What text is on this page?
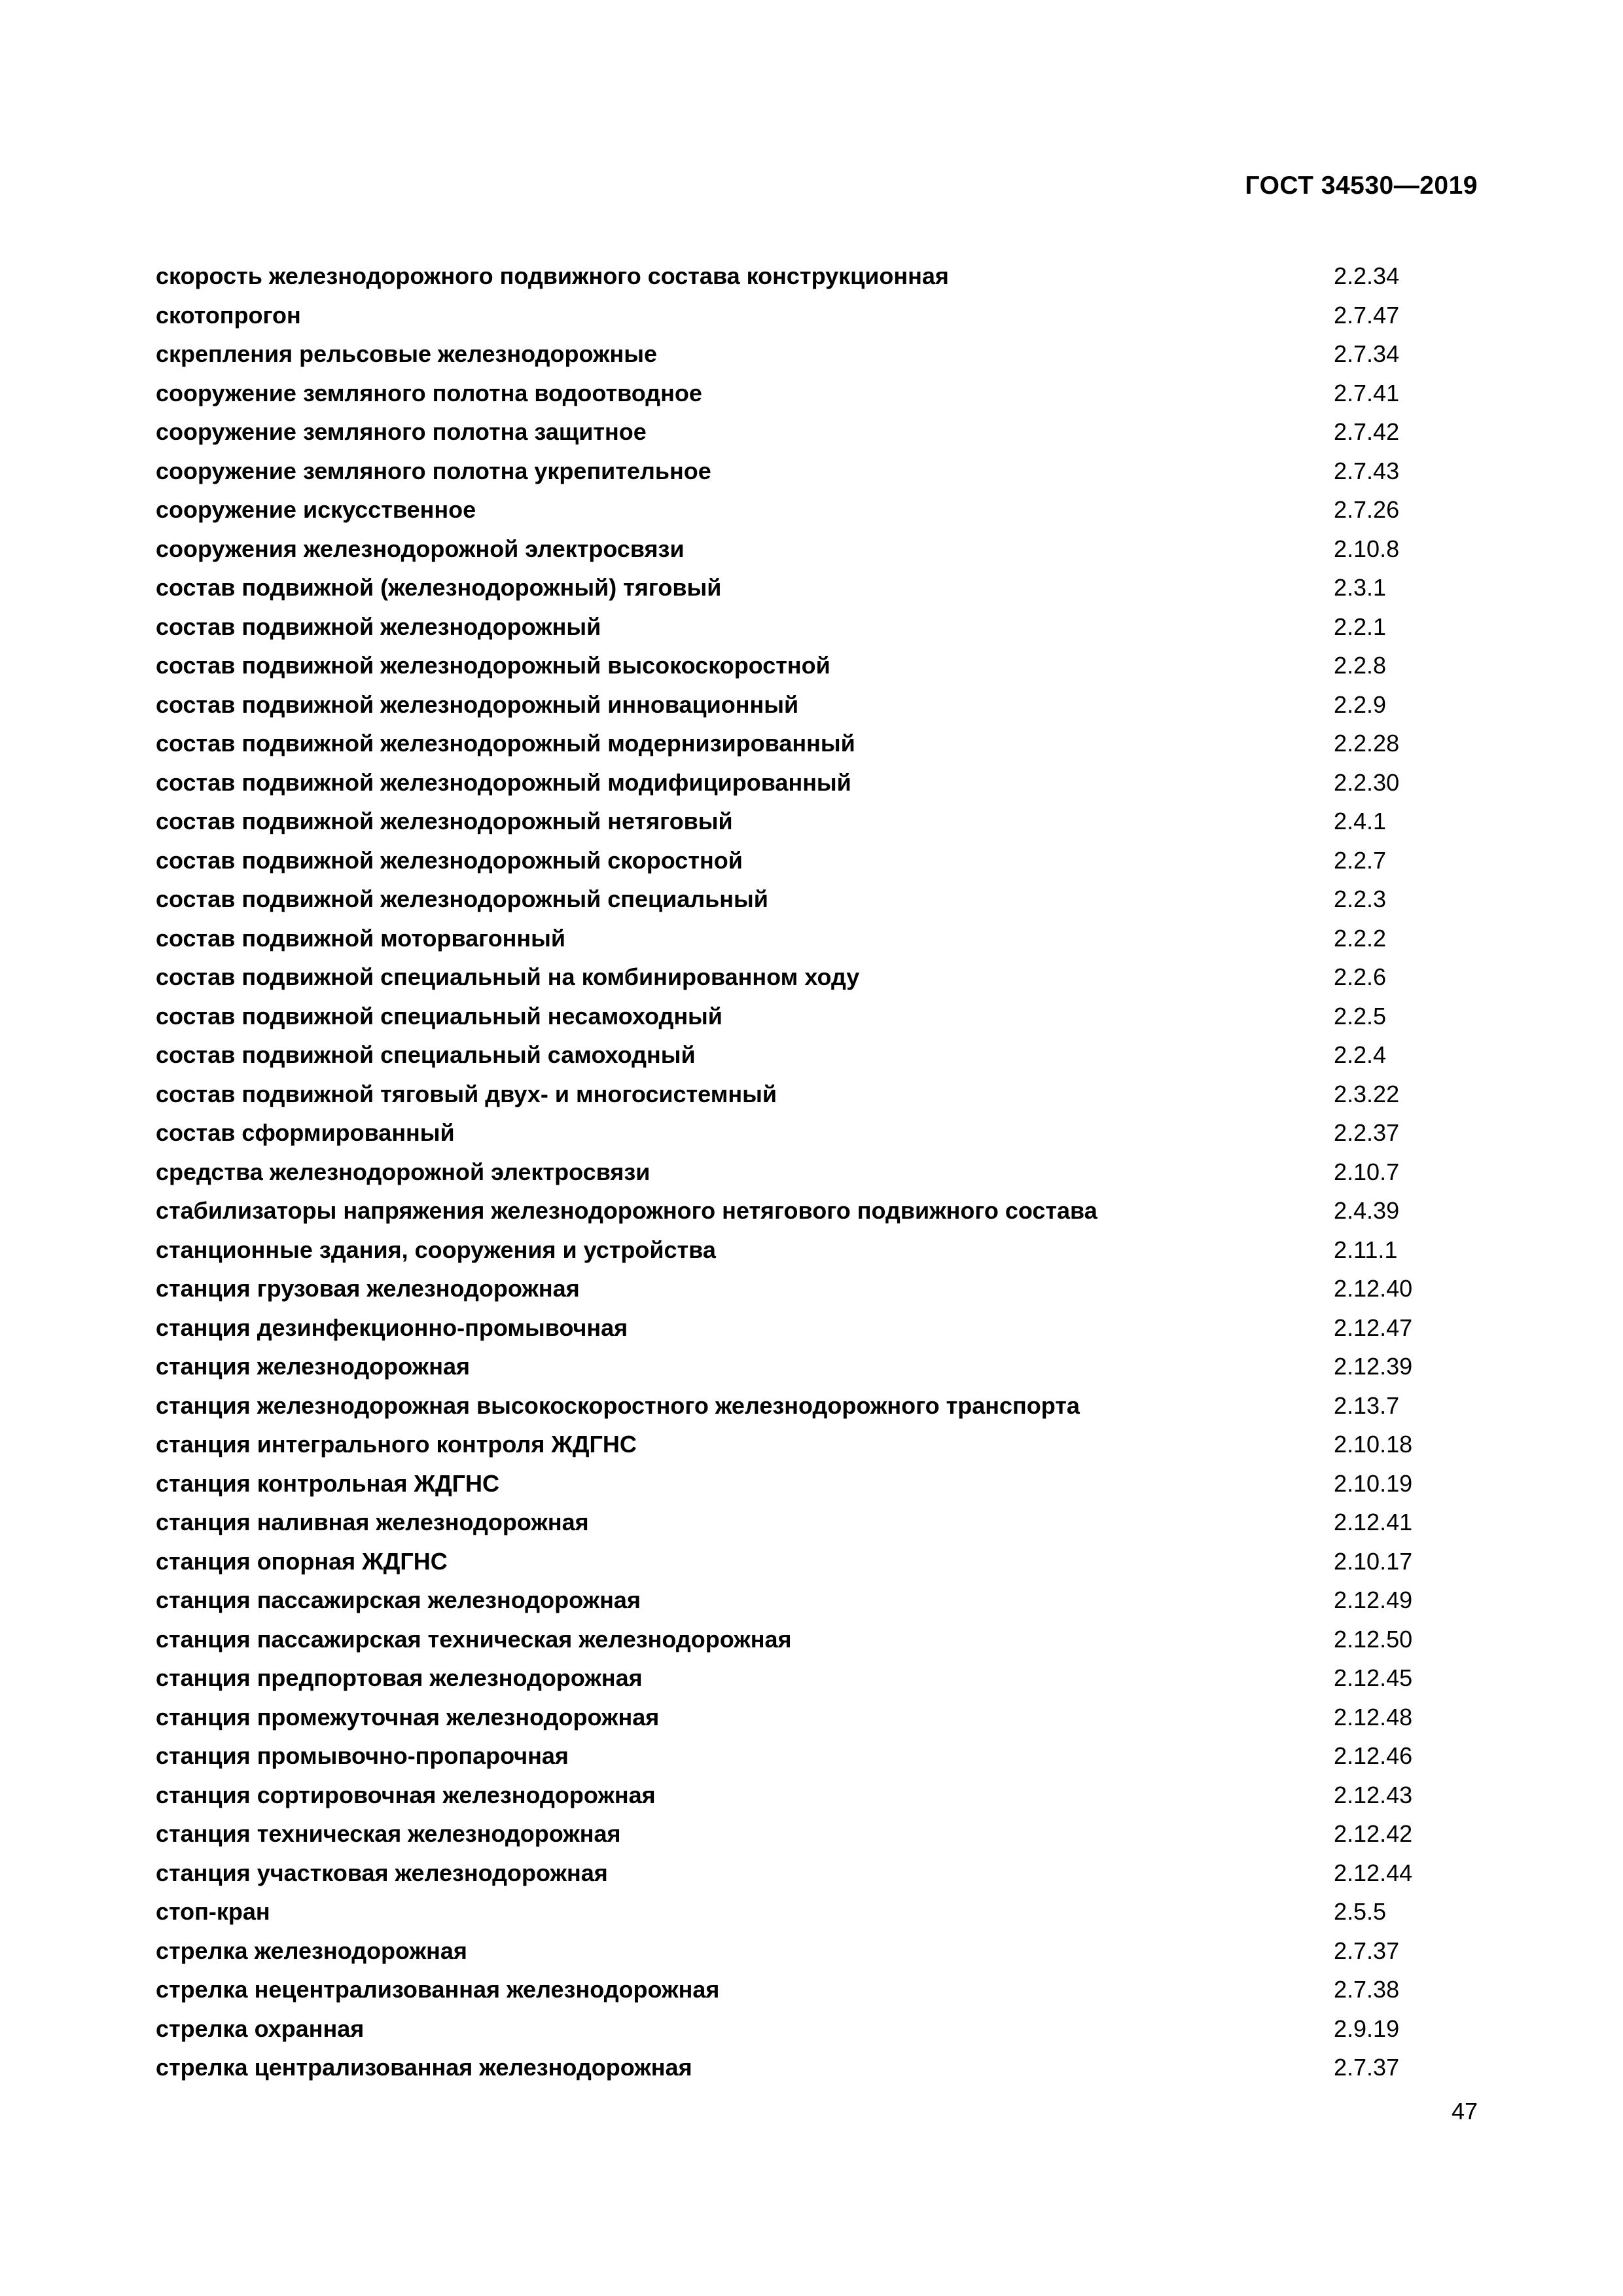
ГОСТ 34530—2019
скорость железнодорожного подвижного состава конструкционная	2.2.34
скотопрогон	2.7.47
скрепления рельсовые железнодорожные	2.7.34
сооружение земляного полотна водоотводное	2.7.41
сооружение земляного полотна защитное	2.7.42
сооружение земляного полотна укрепительное	2.7.43
сооружение искусственное	2.7.26
сооружения железнодорожной электросвязи	2.10.8
состав подвижной (железнодорожный) тяговый	2.3.1
состав подвижной железнодорожный	2.2.1
состав подвижной железнодорожный высокоскоростной	2.2.8
состав подвижной железнодорожный инновационный	2.2.9
состав подвижной железнодорожный модернизированный	2.2.28
состав подвижной железнодорожный модифицированный	2.2.30
состав подвижной железнодорожный нетяговый	2.4.1
состав подвижной железнодорожный скоростной	2.2.7
состав подвижной железнодорожный специальный	2.2.3
состав подвижной моторвагонный	2.2.2
состав подвижной специальный на комбинированном ходу	2.2.6
состав подвижной специальный несамоходный	2.2.5
состав подвижной специальный самоходный	2.2.4
состав подвижной тяговый двух- и многосистемный	2.3.22
состав сформированный	2.2.37
средства железнодорожной электросвязи	2.10.7
стабилизаторы напряжения железнодорожного нетягового подвижного состава	2.4.39
станционные здания, сооружения и устройства	2.11.1
станция грузовая железнодорожная	2.12.40
станция дезинфекционно-промывочная	2.12.47
станция железнодорожная	2.12.39
станция железнодорожная высокоскоростного железнодорожного транспорта	2.13.7
станция интегрального контроля ЖДГНС	2.10.18
станция контрольная ЖДГНС	2.10.19
станция наливная железнодорожная	2.12.41
станция опорная ЖДГНС	2.10.17
станция пассажирская железнодорожная	2.12.49
станция пассажирская техническая железнодорожная	2.12.50
станция предпортовая железнодорожная	2.12.45
станция промежуточная железнодорожная	2.12.48
станция промывочно-пропарочная	2.12.46
станция сортировочная железнодорожная	2.12.43
станция техническая железнодорожная	2.12.42
станция участковая железнодорожная	2.12.44
стоп-кран	2.5.5
стрелка железнодорожная	2.7.37
стрелка нецентрализованная железнодорожная	2.7.38
стрелка охранная	2.9.19
стрелка централизованная железнодорожная	2.7.37
47
